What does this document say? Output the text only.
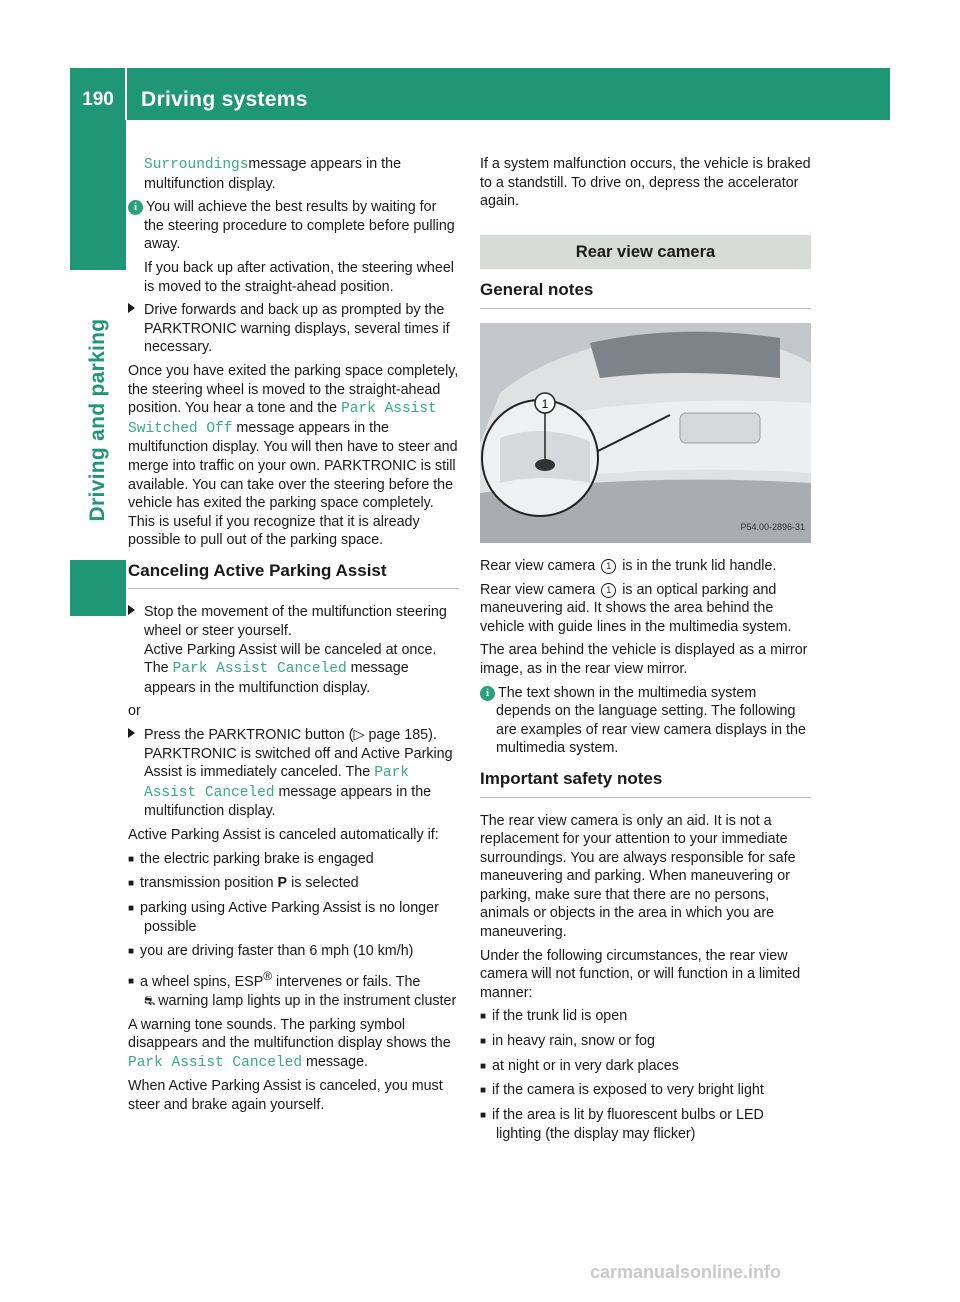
190	Driving systems
Driving and parking

Surroundingsmessage appears in the multifunction display.

i You will achieve the best results by waiting for the steering procedure to complete before pulling away.

If you back up after activation, the steering wheel is moved to the straight-ahead position.

Drive forwards and back up as prompted by the PARKTRONIC warning displays, several times if necessary.

Once you have exited the parking space completely, the steering wheel is moved to the straight-ahead position. You hear a tone and the Park Assist Switched Off message appears in the multifunction display. You will then have to steer and merge into traffic on your own. PARKTRONIC is still available. You can take over the steering before the vehicle has exited the parking space completely. This is useful if you recognize that it is already possible to pull out of the parking space.

Canceling Active Parking Assist

Stop the movement of the multifunction steering wheel or steer yourself.
Active Parking Assist will be canceled at once.
The Park Assist Canceled message appears in the multifunction display.

or

Press the PARKTRONIC button (▷ page 185). PARKTRONIC is switched off and Active Parking Assist is immediately canceled. The Park Assist Canceled message appears in the multifunction display.

Active Parking Assist is canceled automatically if:

■ the electric parking brake is engaged

■ transmission position P is selected

■ parking using Active Parking Assist is no longer possible

■ you are driving faster than 6 mph (10 km/h)

■ a wheel spins, ESP® intervenes or fails. The
⛐ warning lamp lights up in the instrument cluster

A warning tone sounds. The parking symbol disappears and the multifunction display shows the Park Assist Canceled message.

When Active Parking Assist is canceled, you must steer and brake again yourself.

If a system malfunction occurs, the vehicle is braked to a standstill. To drive on, depress the accelerator again.

Rear view camera
General notes
1
P54.00-2896-31

Rear view camera 1 is in the trunk lid handle.

Rear view camera 1 is an optical parking and maneuvering aid. It shows the area behind the vehicle with guide lines in the multimedia system.

The area behind the vehicle is displayed as a mirror image, as in the rear view mirror.

i The text shown in the multimedia system depends on the language setting. The following are examples of rear view camera displays in the multimedia system.

Important safety notes

The rear view camera is only an aid. It is not a replacement for your attention to your immediate surroundings. You are always responsible for safe maneuvering and parking. When maneuvering or parking, make sure that there are no persons, animals or objects in the area in which you are maneuvering.

Under the following circumstances, the rear view camera will not function, or will function in a limited manner:

■ if the trunk lid is open

■ in heavy rain, snow or fog

■ at night or in very dark places

■ if the camera is exposed to very bright light

■ if the area is lit by fluorescent bulbs or LED lighting (the display may flicker)

carmanualsonline.info
